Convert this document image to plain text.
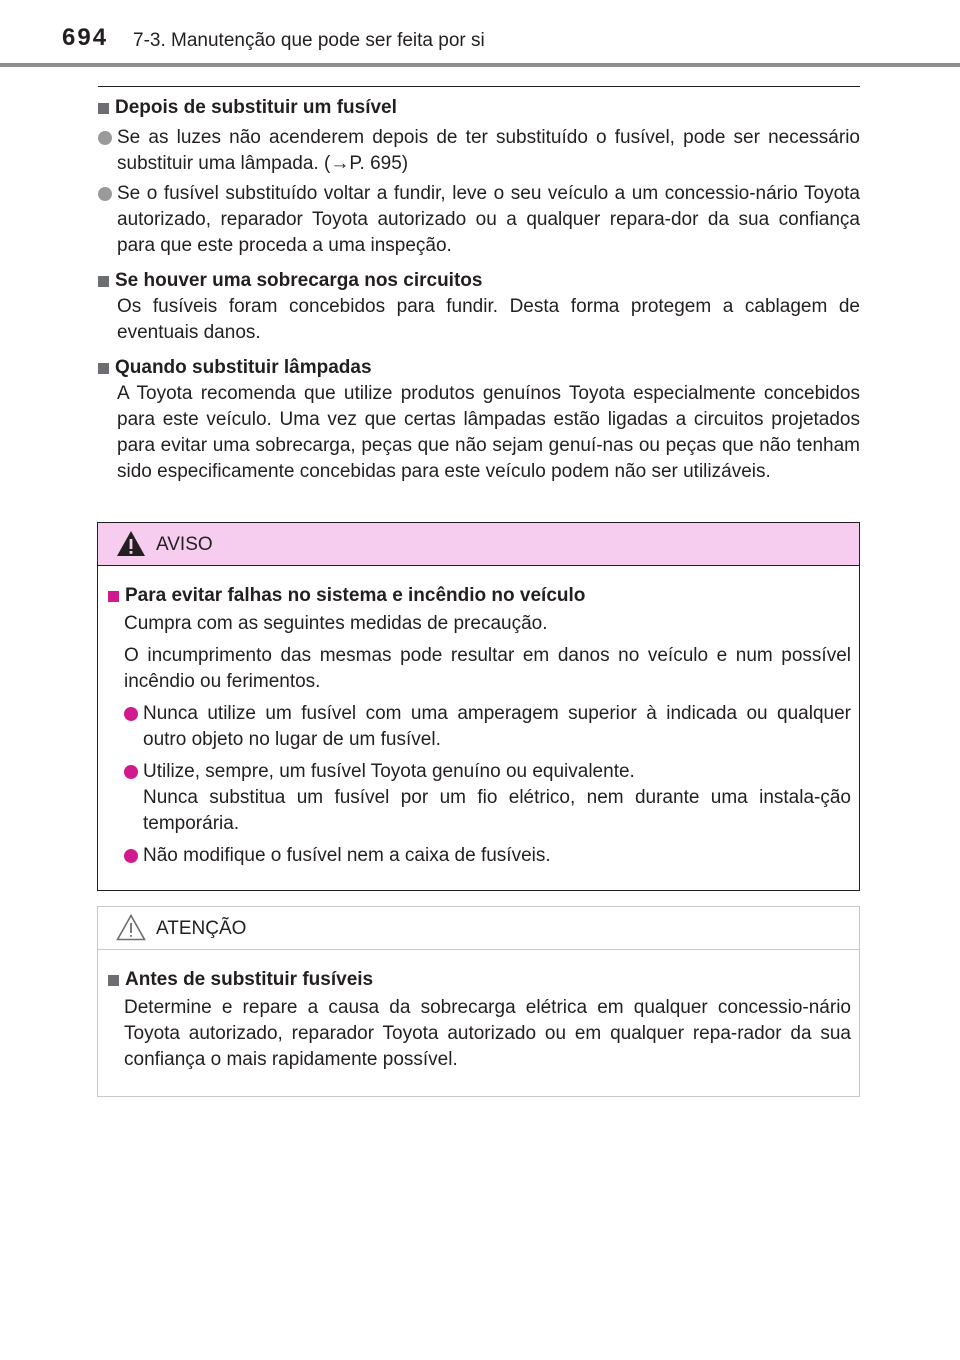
694 7-3. Manutenção que pode ser feita por si
Depois de substituir um fusível
Se as luzes não acenderem depois de ter substituído o fusível, pode ser necessário substituir uma lâmpada. (→P. 695)
Se o fusível substituído voltar a fundir, leve o seu veículo a um concessio-nário Toyota autorizado, reparador Toyota autorizado ou a qualquer repara-dor da sua confiança para que este proceda a uma inspeção.
Se houver uma sobrecarga nos circuitos

Os fusíveis foram concebidos para fundir. Desta forma protegem a cablagem de eventuais danos.

Quando substituir lâmpadas

A Toyota recomenda que utilize produtos genuínos Toyota especialmente concebidos para este veículo. Uma vez que certas lâmpadas estão ligadas a circuitos projetados para evitar uma sobrecarga, peças que não sejam genuí-nas ou peças que não tenham sido especificamente concebidas para este veículo podem não ser utilizáveis.

AVISO
Para evitar falhas no sistema e incêndio no veículo

Cumpra com as seguintes medidas de precaução.

O incumprimento das mesmas pode resultar em danos no veículo e num possível incêndio ou ferimentos.

Nunca utilize um fusível com uma amperagem superior à indicada ou qualquer outro objeto no lugar de um fusível.
Utilize, sempre, um fusível Toyota genuíno ou equivalente.
Nunca substitua um fusível por um fio elétrico, nem durante uma instala-ção temporária.
Não modifique o fusível nem a caixa de fusíveis.
ATENÇÃO
Antes de substituir fusíveis

Determine e repare a causa da sobrecarga elétrica em qualquer concessio-nário Toyota autorizado, reparador Toyota autorizado ou em qualquer repa-rador da sua confiança o mais rapidamente possível.
